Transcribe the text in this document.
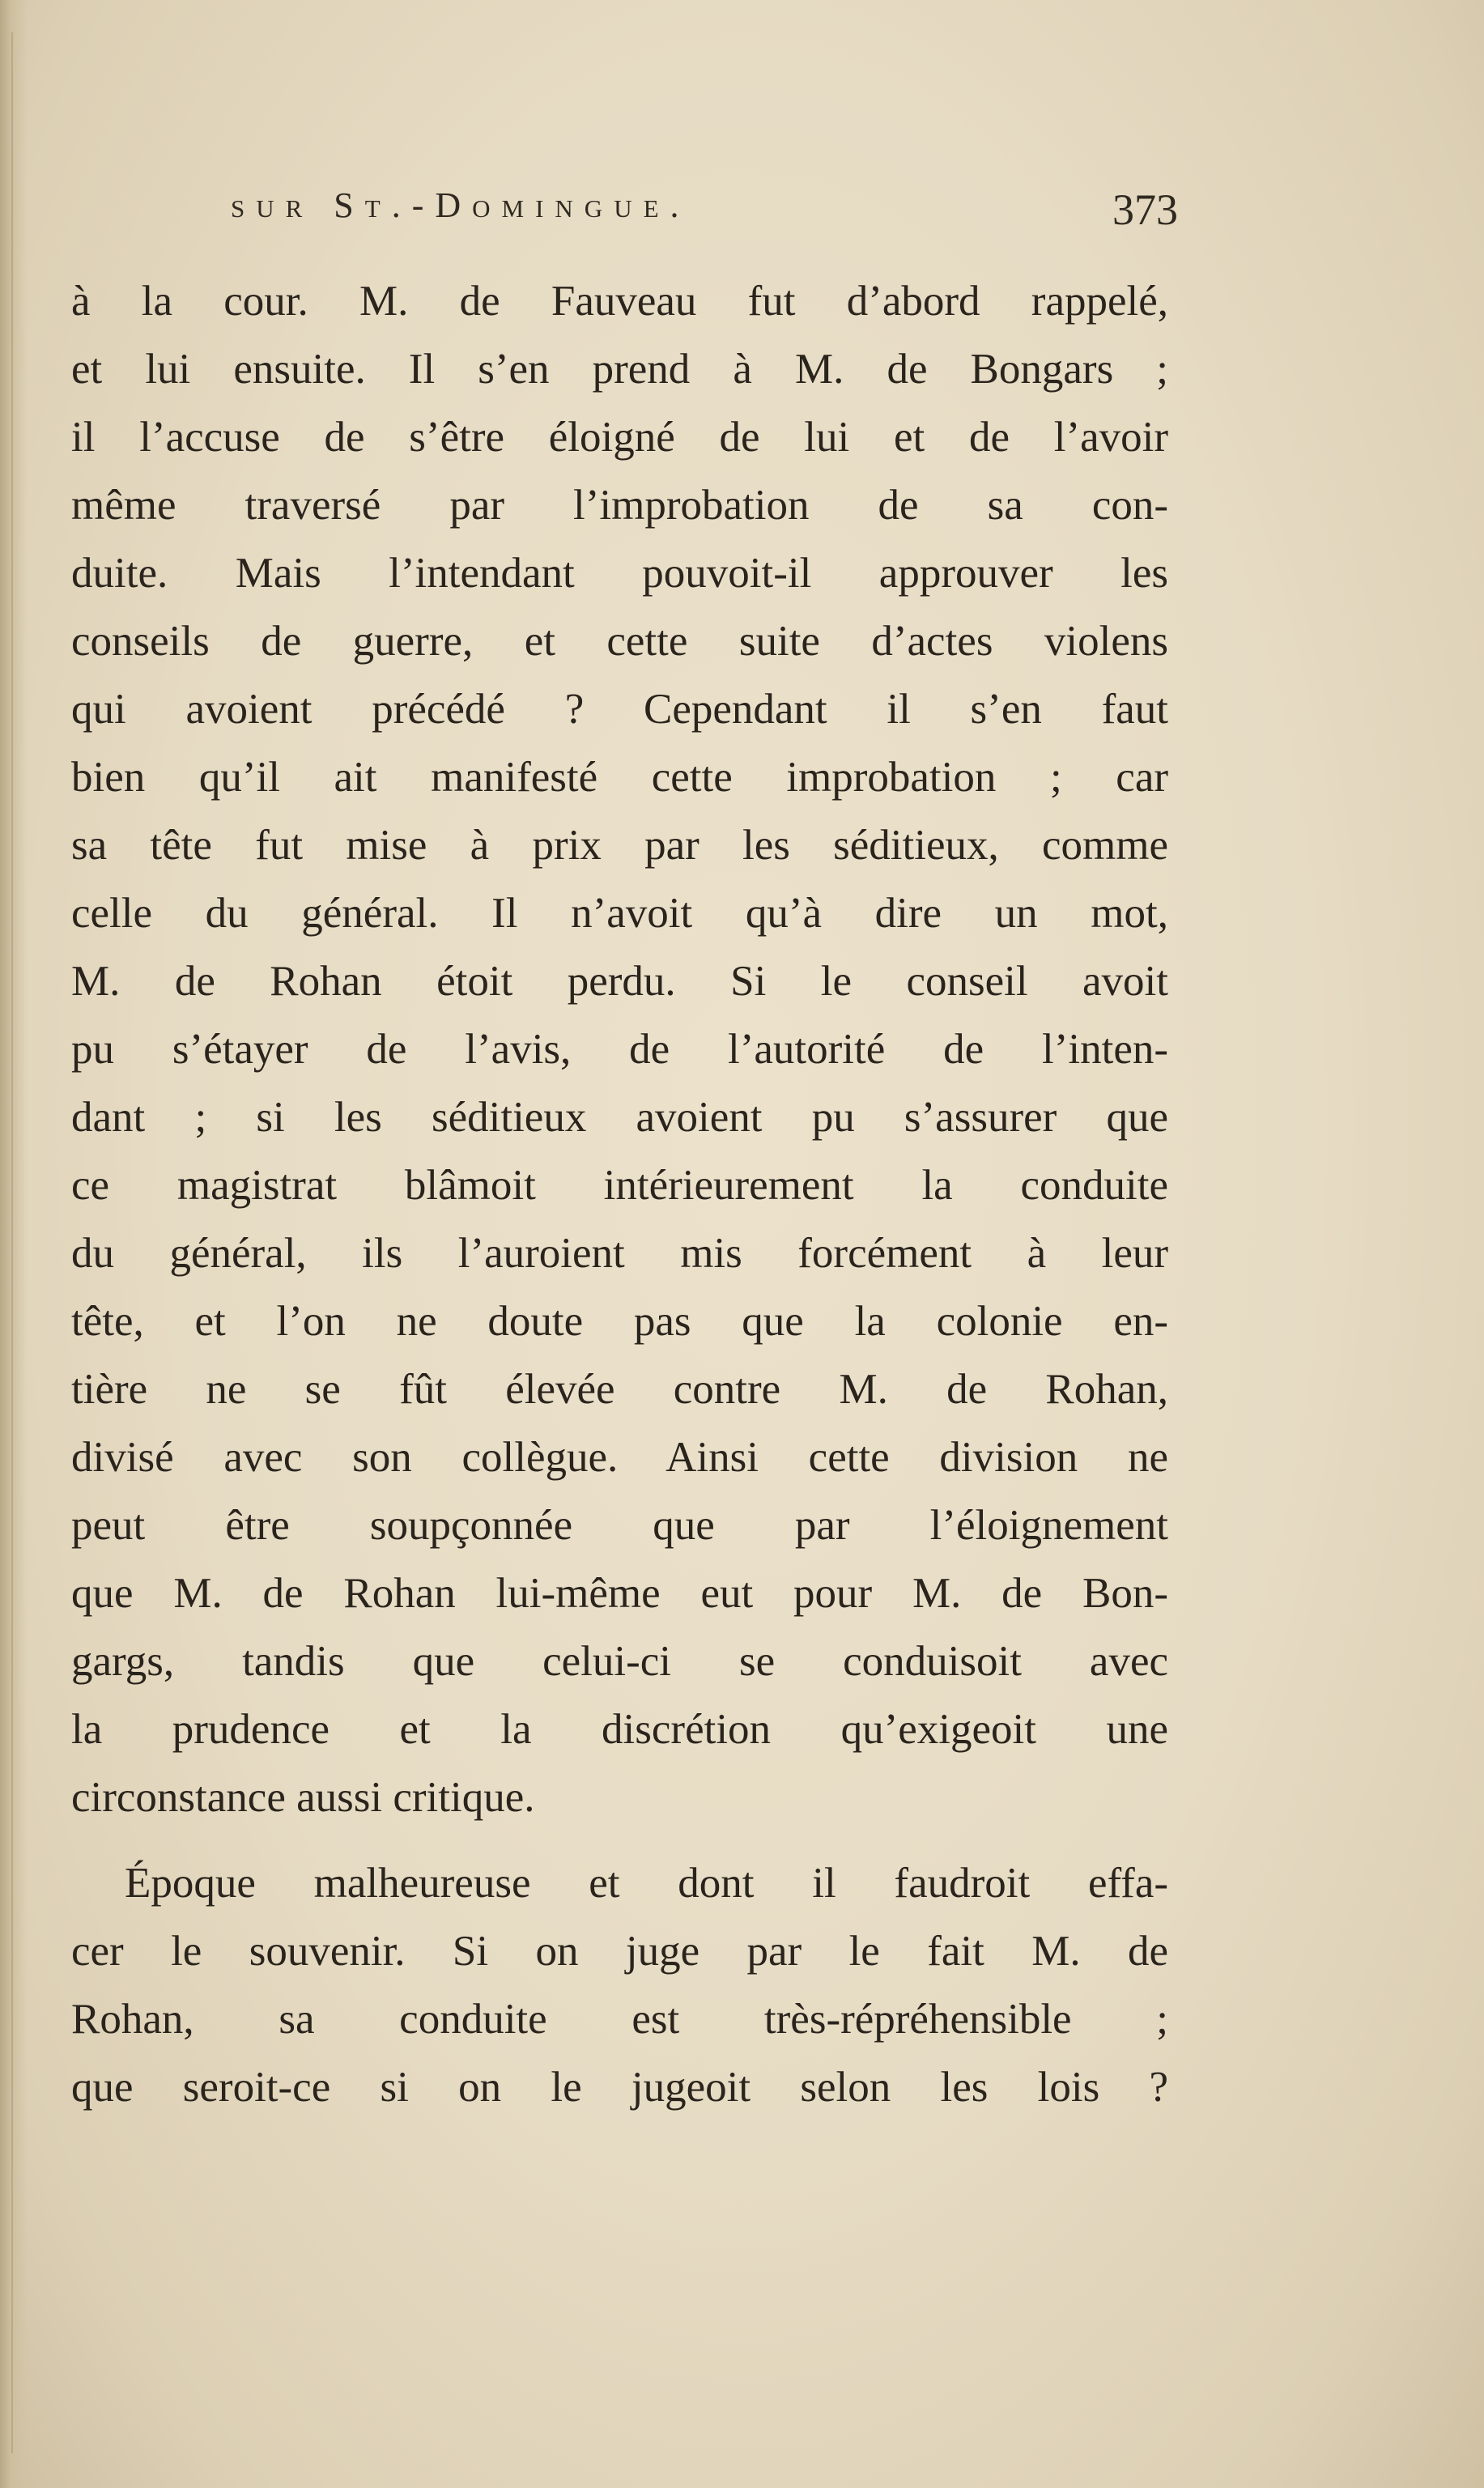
sur St.-Domingue.	373
à la cour. M. de Fauveau fut d’abord rappelé,
et lui ensuite. Il s’en prend à M. de Bongars ;
il l’accuse de s’être éloigné de lui et de l’avoir
même traversé par l’improbation de sa con-
duite. Mais l’intendant pouvoit-il approuver les
conseils de guerre, et cette suite d’actes violens
qui avoient précédé ? Cependant il s’en faut
bien qu’il ait manifesté cette improbation ; car
sa tête fut mise à prix par les séditieux, comme
celle du général. Il n’avoit qu’à dire un mot,
M. de Rohan étoit perdu. Si le conseil avoit
pu s’étayer de l’avis, de l’autorité de l’inten-
dant ; si les séditieux avoient pu s’assurer que
ce magistrat blâmoit intérieurement la conduite
du général, ils l’auroient mis forcément à leur
tête, et l’on ne doute pas que la colonie en-
tière ne se fût élevée contre M. de Rohan,
divisé avec son collègue. Ainsi cette division ne
peut être soupçonnée que par l’éloignement
que M. de Rohan lui-même eut pour M. de Bon-
gargs, tandis que celui-ci se conduisoit avec
la prudence et la discrétion qu’exigeoit une
circonstance aussi critique.
Époque malheureuse et dont il faudroit effa-
cer le souvenir. Si on juge par le fait M. de
Rohan, sa conduite est très-répréhensible ;
que seroit-ce si on le jugeoit selon les lois ?
